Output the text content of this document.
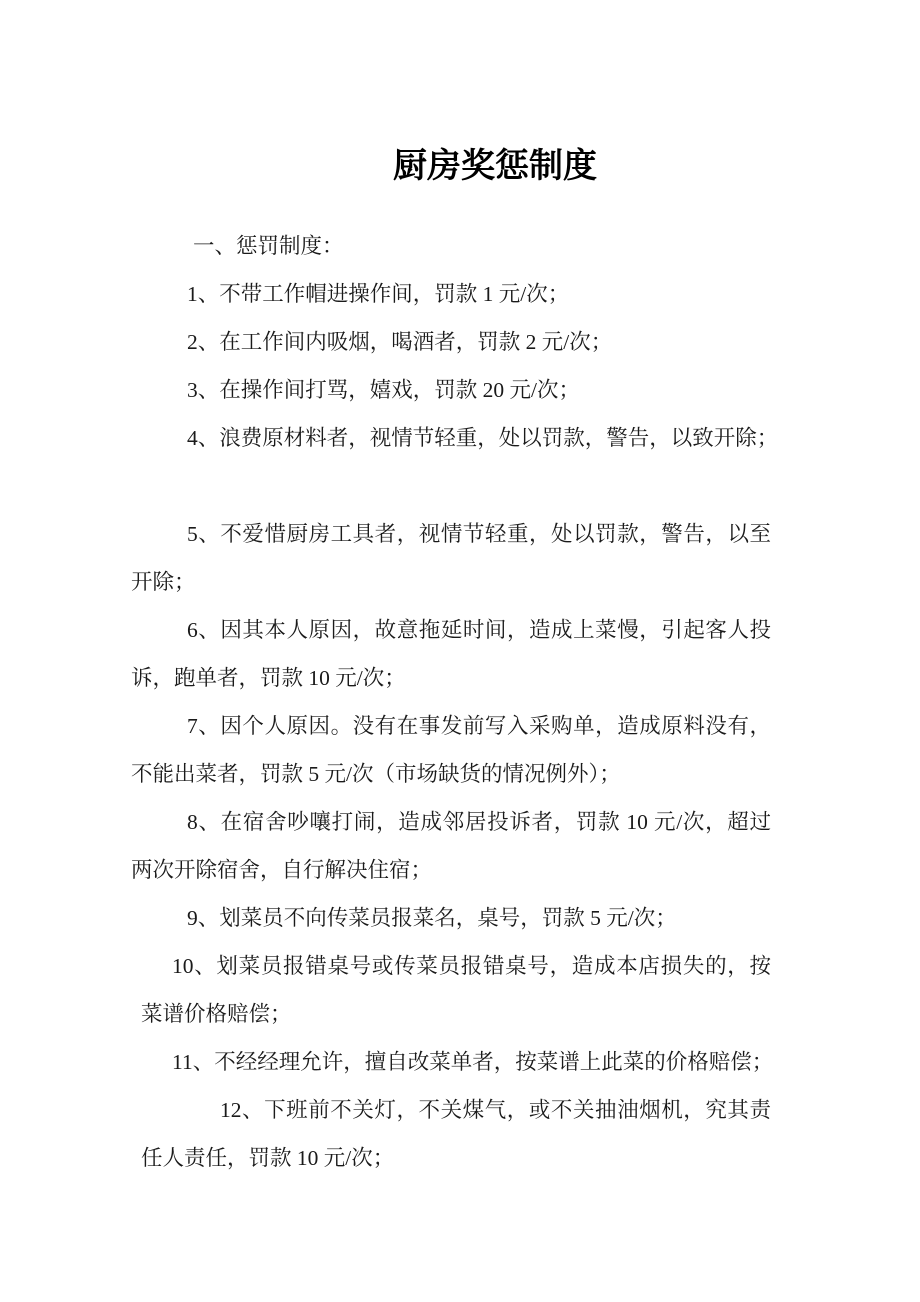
厨房奖惩制度
一、惩罚制度：
1、不带工作帽进操作间，罚款 1 元/次；
2、在工作间内吸烟，喝酒者，罚款 2 元/次；
3、在操作间打骂，嬉戏，罚款 20 元/次；
4、浪费原材料者，视情节轻重，处以罚款，警告，以致开除；
5、不爱惜厨房工具者，视情节轻重，处以罚款，警告，以至
开除；
6、因其本人原因，故意拖延时间，造成上菜慢，引起客人投
诉，跑单者，罚款 10 元/次；
7、因个人原因。没有在事发前写入采购单，造成原料没有，
不能出菜者，罚款 5 元/次（市场缺货的情况例外）；
8、在宿舍吵嚷打闹，造成邻居投诉者，罚款 10 元/次，超过
两次开除宿舍，自行解决住宿；
9、划菜员不向传菜员报菜名，桌号，罚款 5 元/次；
10、划菜员报错桌号或传菜员报错桌号，造成本店损失的，按
菜谱价格赔偿；
11、不经经理允许，擅自改菜单者，按菜谱上此菜的价格赔偿；
12、下班前不关灯，不关煤气，或不关抽油烟机，究其责
任人责任，罚款 10 元/次；
